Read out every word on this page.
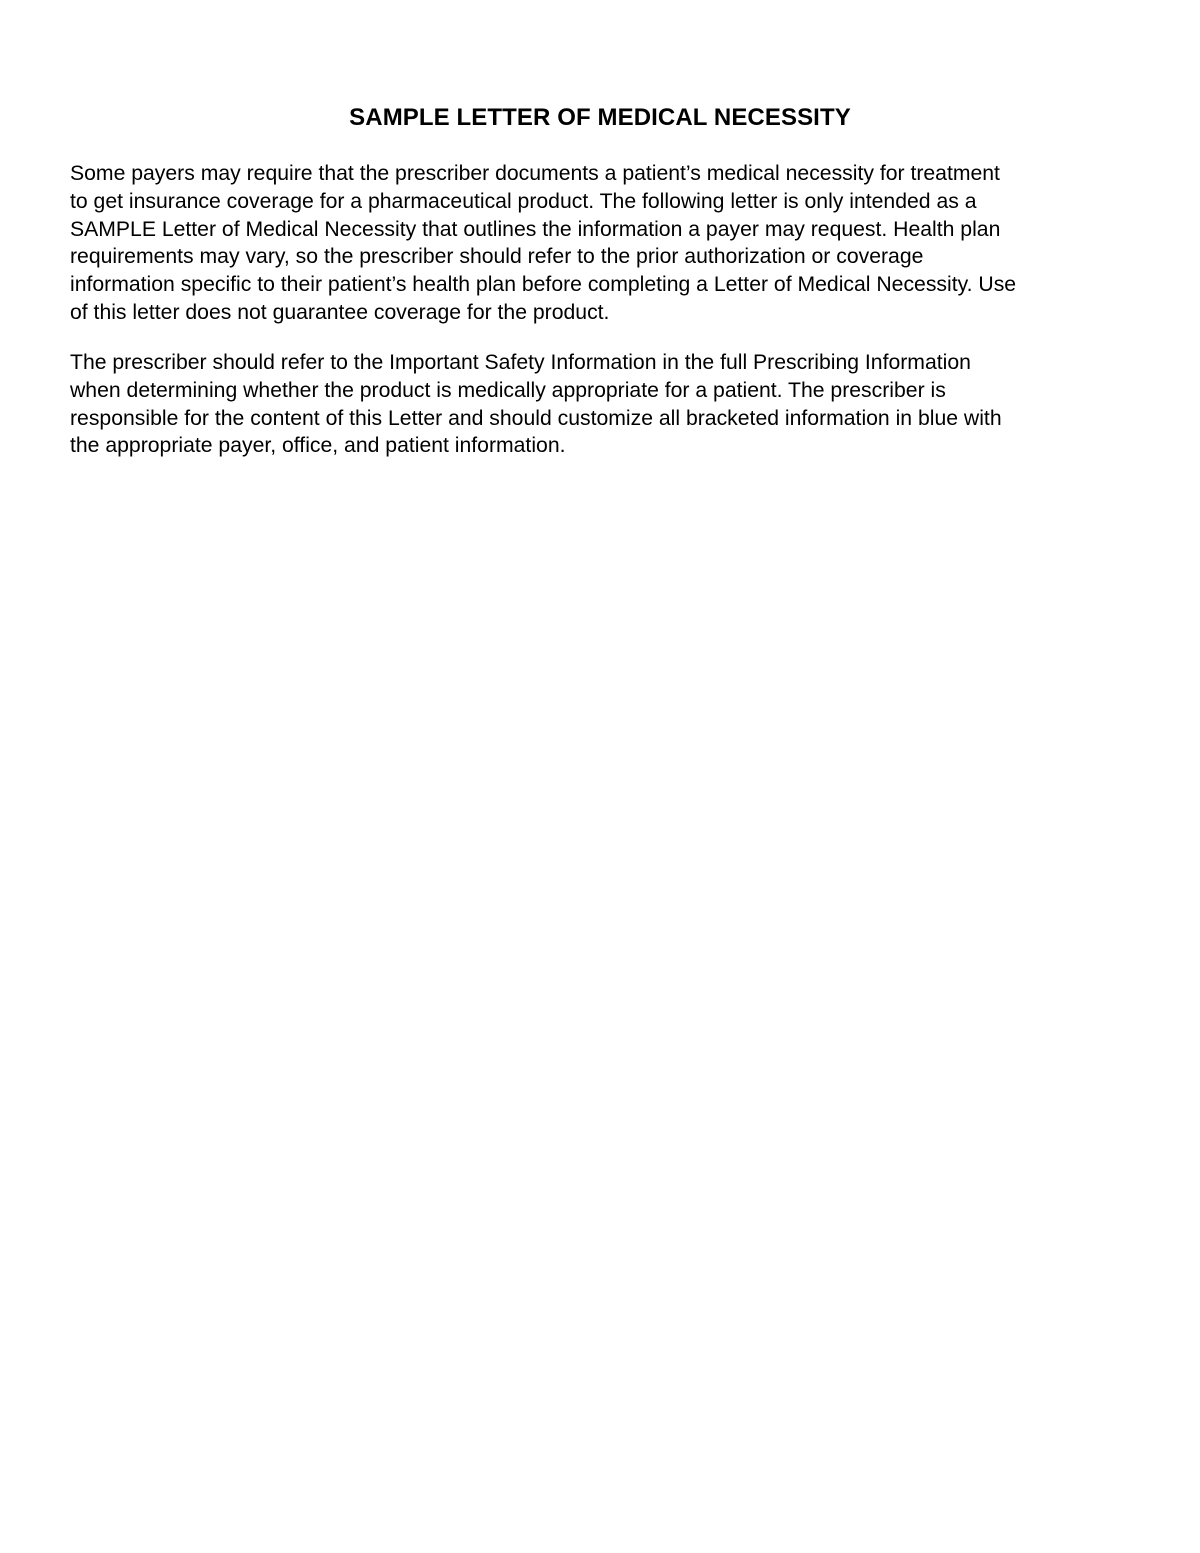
SAMPLE LETTER OF MEDICAL NECESSITY

Some payers may require that the prescriber documents a patient’s medical necessity for treatment
to get insurance coverage for a pharmaceutical product. The following letter is only intended as a
SAMPLE Letter of Medical Necessity that outlines the information a payer may request. Health plan
requirements may vary, so the prescriber should refer to the prior authorization or coverage
information specific to their patient’s health plan before completing a Letter of Medical Necessity. Use
of this letter does not guarantee coverage for the product.

The prescriber should refer to the Important Safety Information in the full Prescribing Information
when determining whether the product is medically appropriate for a patient. The prescriber is
responsible for the content of this Letter and should customize all bracketed information in blue with
the appropriate payer, office, and patient information.
